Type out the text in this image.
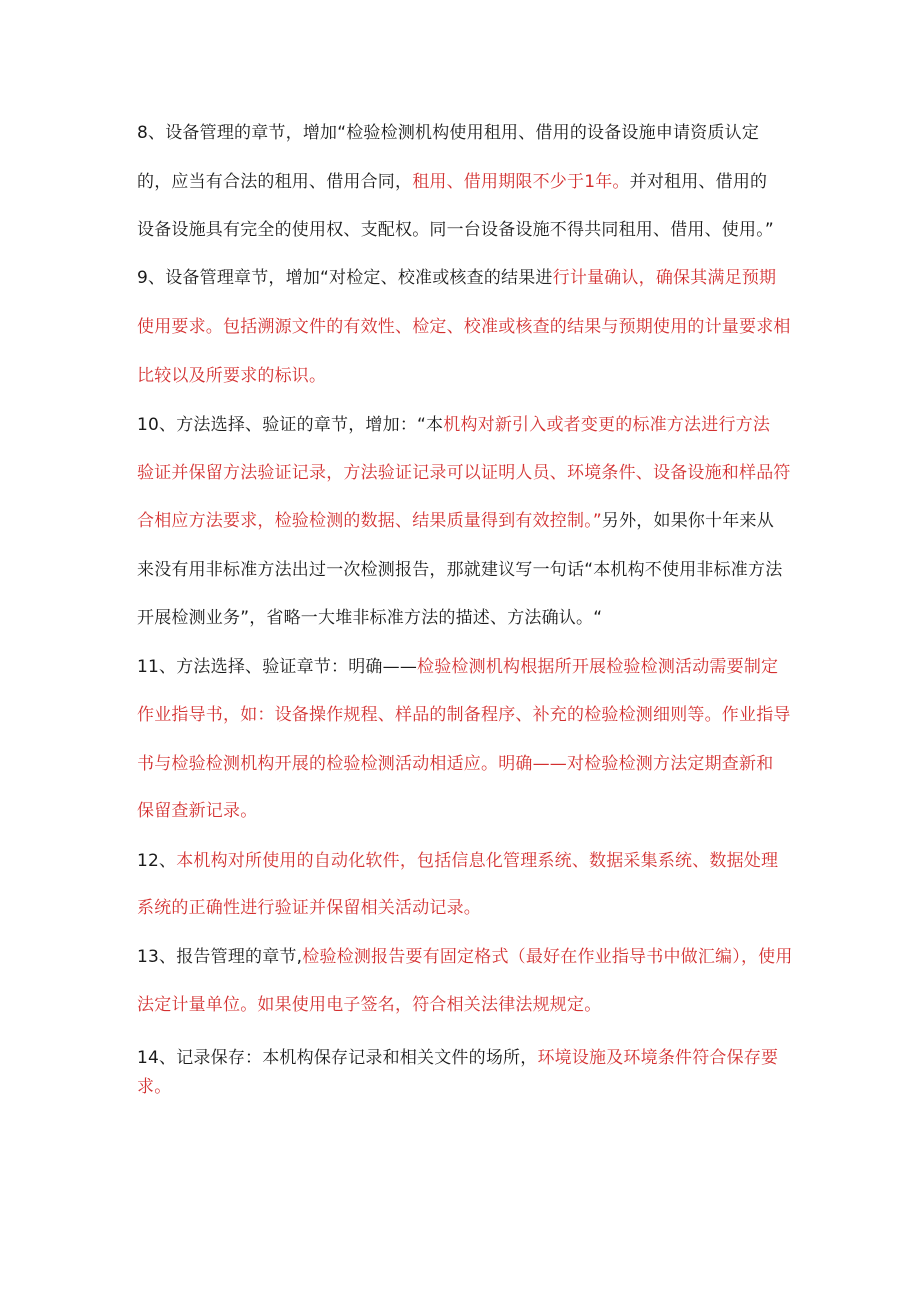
8、设备管理的章节，增加“检验检测机构使用租用、借用的设备设施申请资质认定
的，应当有合法的租用、借用合同，租用、借用期限不少于1年。并对租用、借用的
设备设施具有完全的使用权、支配权。同一台设备设施不得共同租用、借用、使用。”
9、设备管理章节，增加“对检定、校准或核查的结果进行计量确认，确保其满足预期
使用要求。包括溯源文件的有效性、检定、校准或核查的结果与预期使用的计量要求相
比较以及所要求的标识。
10、方法选择、验证的章节，增加：“本机构对新引入或者变更的标准方法进行方法
验证并保留方法验证记录，方法验证记录可以证明人员、环境条件、设备设施和样品符
合相应方法要求，检验检测的数据、结果质量得到有效控制。”另外，如果你十年来从
来没有用非标准方法出过一次检测报告，那就建议写一句话“本机构不使用非标准方法
开展检测业务”，省略一大堆非标准方法的描述、方法确认。“
11、方法选择、验证章节：明确——检验检测机构根据所开展检验检测活动需要制定
作业指导书，如：设备操作规程、样品的制备程序、补充的检验检测细则等。作业指导
书与检验检测机构开展的检验检测活动相适应。明确——对检验检测方法定期查新和
保留查新记录。
12、本机构对所使用的自动化软件，包括信息化管理系统、数据采集系统、数据处理
系统的正确性进行验证并保留相关活动记录。
13、报告管理的章节,检验检测报告要有固定格式（最好在作业指导书中做汇编），使用
法定计量单位。如果使用电子签名，符合相关法律法规规定。
14、记录保存：本机构保存记录和相关文件的场所，环境设施及环境条件符合保存要
求。
